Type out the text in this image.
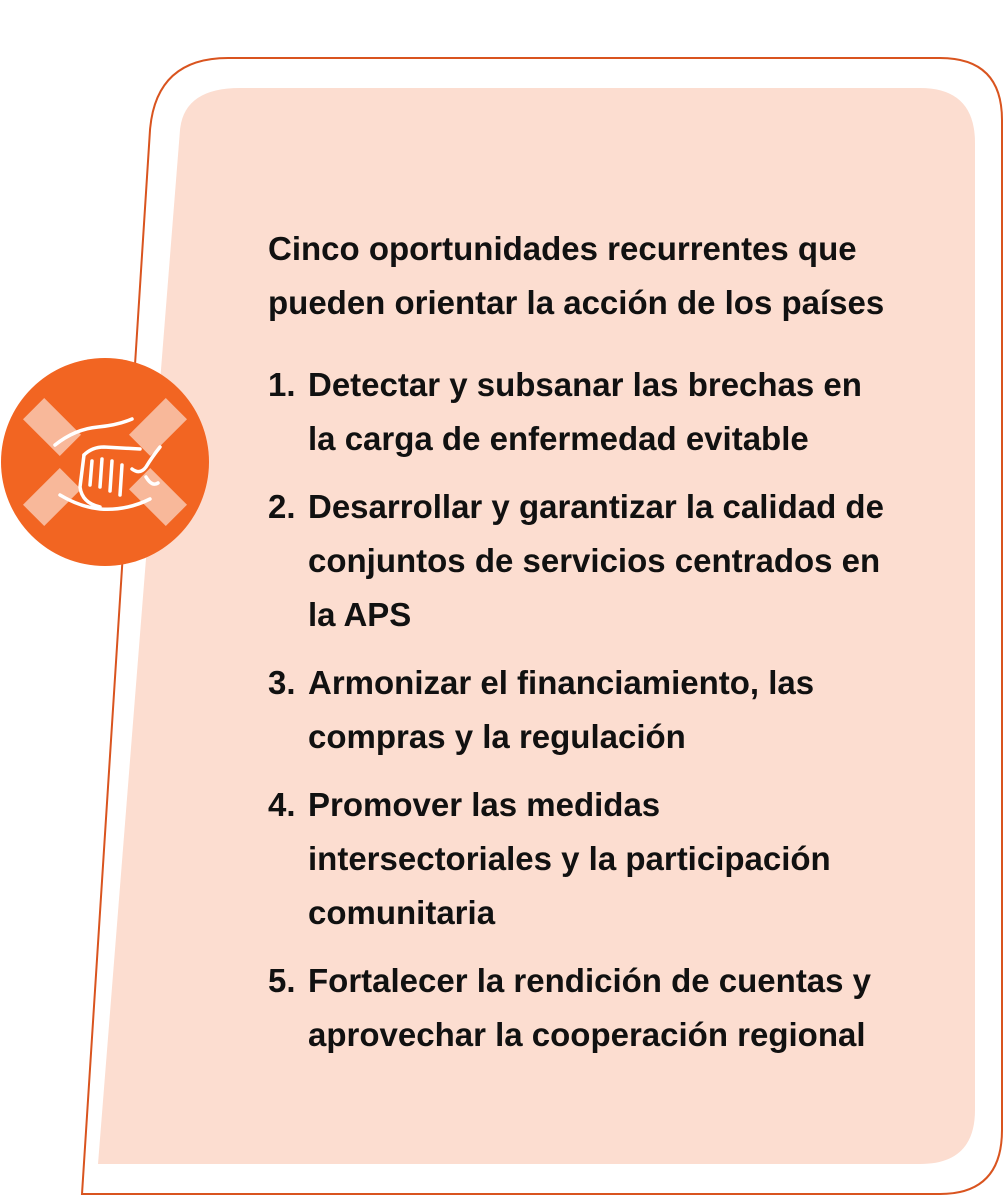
Cinco oportunidades recurrentes que
pueden orientar la acción de los países
1. Detectar y subsanar las brechas en
la carga de enfermedad evitable
2. Desarrollar y garantizar la calidad de
conjuntos de servicios centrados en
la APS
3. Armonizar el financiamiento, las
compras y la regulación
4. Promover las medidas
intersectoriales y la participación
comunitaria
5. Fortalecer la rendición de cuentas y
aprovechar la cooperación regional
